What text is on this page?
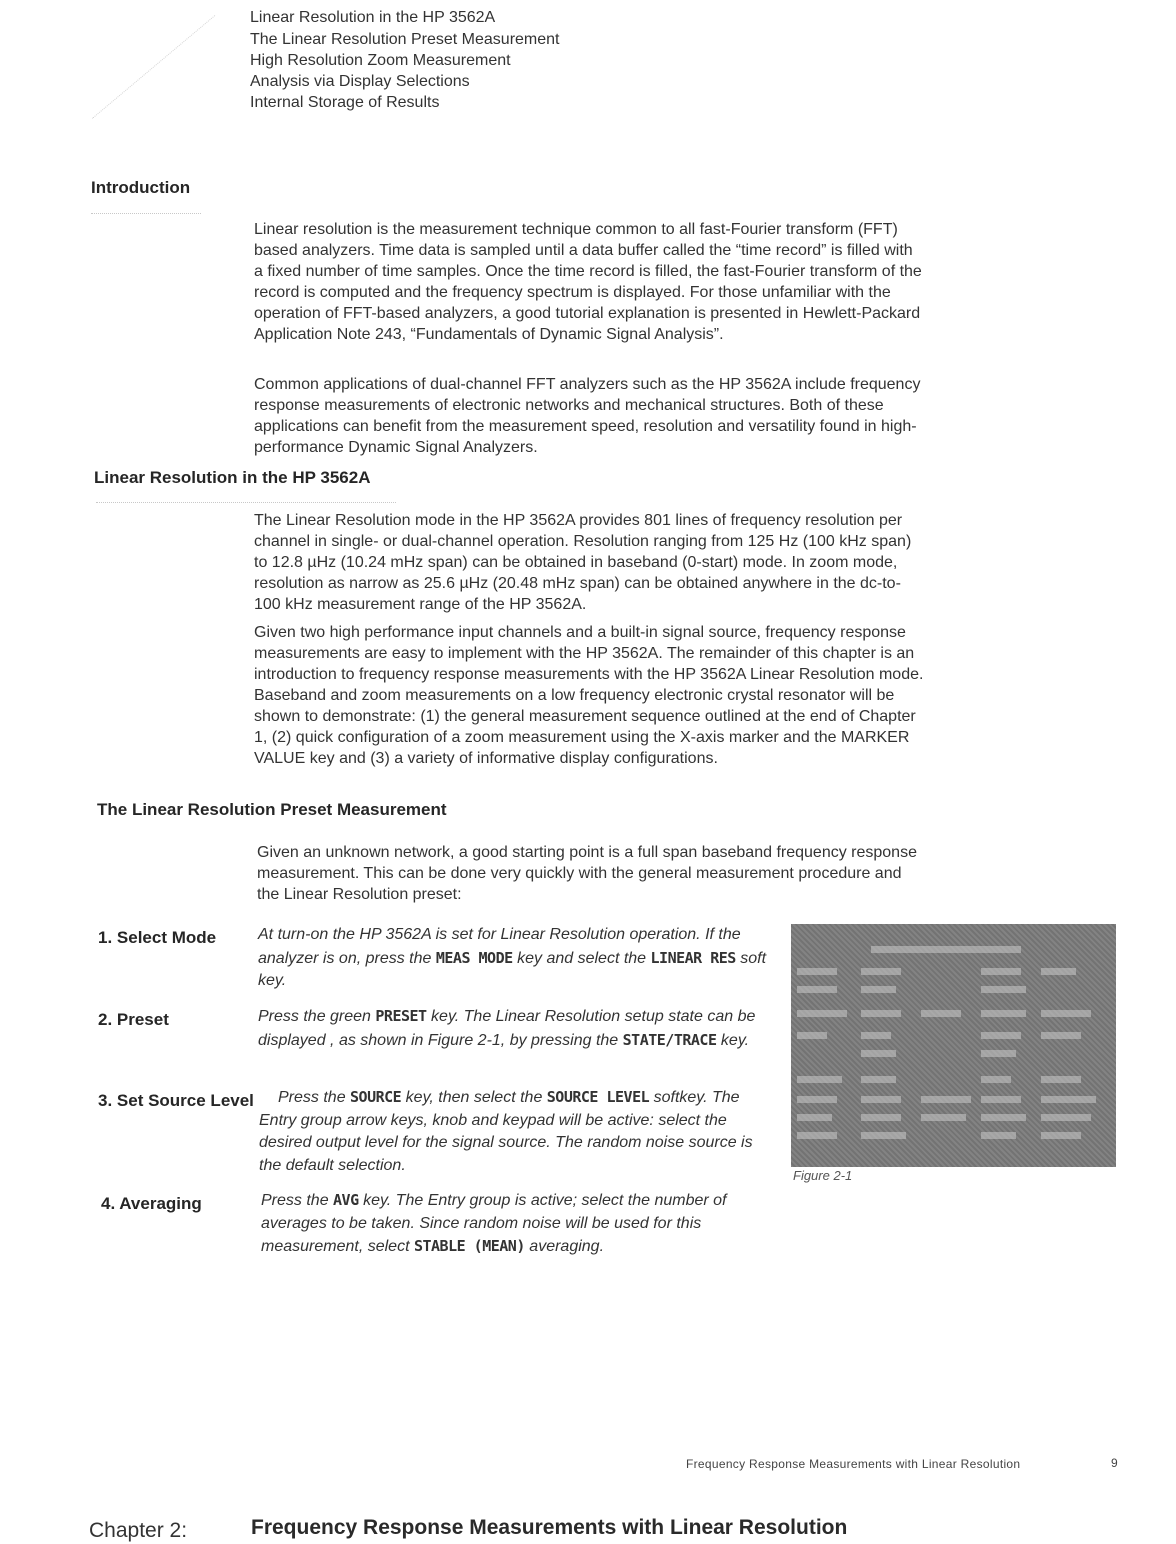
Linear Resolution in the HP 3562A
The Linear Resolution Preset Measurement
High Resolution Zoom Measurement
Analysis via Display Selections
Internal Storage of Results
Introduction

Linear resolution is the measurement technique common to all fast-Fourier transform (FFT) based analyzers. Time data is sampled until a data buffer called the “time record” is filled with a fixed number of time samples. Once the time record is filled, the fast-Fourier transform of the record is computed and the frequency spectrum is displayed. For those unfamiliar with the operation of FFT-based analyzers, a good tutorial explanation is presented in Hewlett-Packard Application Note 243, “Fundamentals of Dynamic Signal Analysis”.

Common applications of dual-channel FFT analyzers such as the HP 3562A include frequency response measurements of electronic networks and mechanical structures. Both of these applications can benefit from the measurement speed, resolution and versatility found in high-performance Dynamic Signal Analyzers.

Linear Resolution in the HP 3562A

The Linear Resolution mode in the HP 3562A provides 801 lines of frequency resolution per channel in single- or dual-channel operation. Resolution ranging from 125 Hz (100 kHz span) to 12.8 µHz (10.24 mHz span) can be obtained in baseband (0-start) mode. In zoom mode, resolution as narrow as 25.6 µHz (20.48 mHz span) can be obtained anywhere in the dc-to-100 kHz measurement range of the HP 3562A.

Given two high performance input channels and a built-in signal source, frequency response measurements are easy to implement with the HP 3562A. The remainder of this chapter is an introduction to frequency response measurements with the HP 3562A Linear Resolution mode. Baseband and zoom measurements on a low frequency electronic crystal resonator will be shown to demonstrate: (1) the general measurement sequence outlined at the end of Chapter 1, (2) quick configuration of a zoom measurement using the X-axis marker and the MARKER VALUE key and (3) a variety of informative display configurations.

The Linear Resolution Preset Measurement

Given an unknown network, a good starting point is a full span baseband frequency response measurement. This can be done very quickly with the general measurement procedure and the Linear Resolution preset:

1. Select Mode	At turn-on the HP 3562A is set for Linear Resolution operation. If the analyzer is on, press the MEAS MODE key and select the LINEAR RES soft key.

2. Preset	Press the green PRESET key. The Linear Resolution setup state can be displayed , as shown in Figure 2-1, by pressing the STATE/TRACE key.

3. Set Source Level	Press the SOURCE key, then select the SOURCE LEVEL softkey. The Entry group arrow keys, knob and keypad will be active: select the desired output level for the signal source. The random noise source is the default selection.

4. Averaging	Press the AVG key. The Entry group is active; select the number of averages to be taken. Since random noise will be used for this measurement, select STABLE (MEAN) averaging.

Figure 2-1
Frequency Response Measurements with Linear Resolution	9
Chapter 2:	Frequency Response Measurements with Linear Resolution
